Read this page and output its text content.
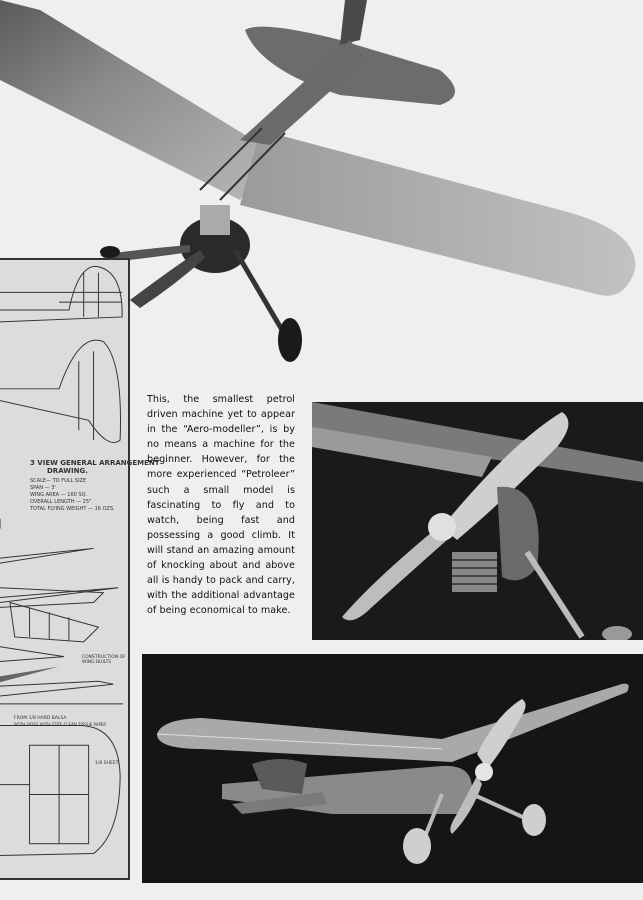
3 VIEW GENERAL ARRANGEMENT
DRAWING.
SCALE— TO FULL SIZE
SPAN — 3'
WING AREA — 160 SQ.
OVERALL LENGTH — 25"
TOTAL FLYING WEIGHT — 16 OZS.
CONSTRUCTION OF WING BUILTS
FROM 1/8 HARD BALSA
BOTH SIDES WITH STIFF CLEAN TISSUE PAPER
1/8 SHEET
This, the smallest petrol driven machine yet to appear in the “Aero-modeller”, is by no means a machine for the beginner. However, for the more experienced “Petroleer” such a small model is fascinating to fly and to watch, being fast and possessing a good climb. It will stand an amazing amount of knocking about and above all is handy to pack and carry, with the additional advantage of being economical to make.
